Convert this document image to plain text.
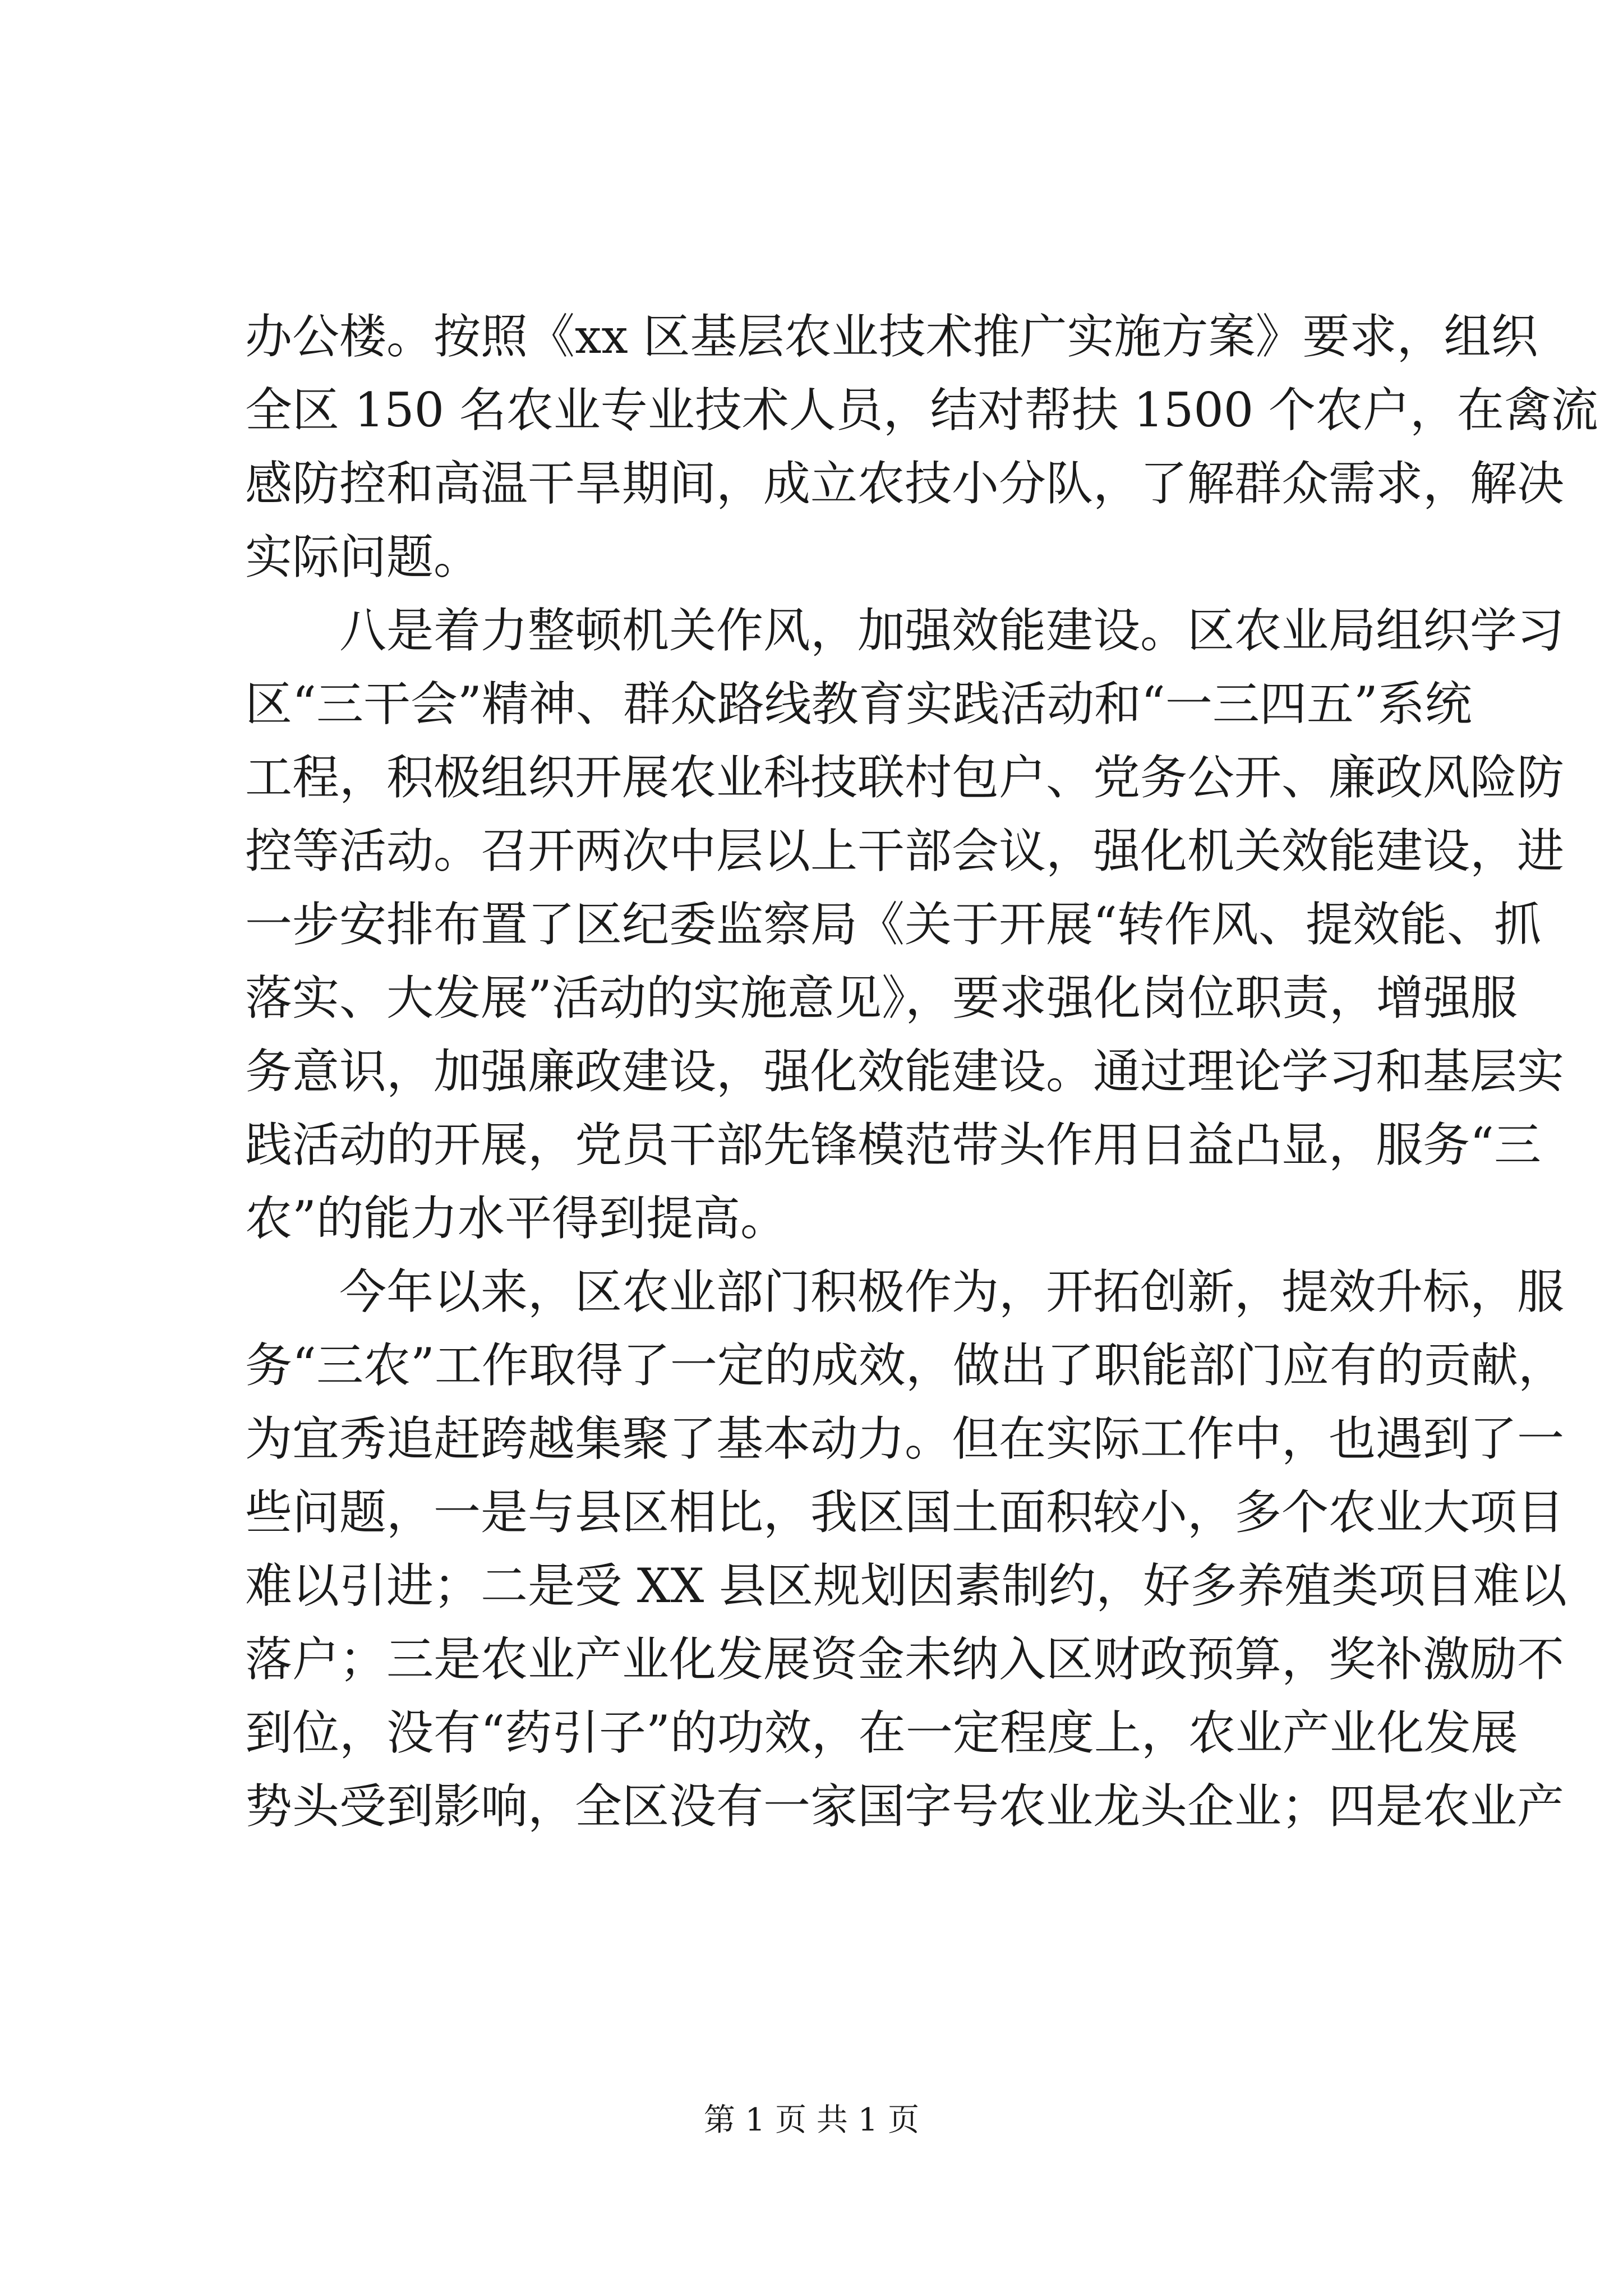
办公楼。按照《xx 区基层农业技术推广实施方案》要求，组织
全区 150 名农业专业技术人员，结对帮扶 1500 个农户，在禽流
感防控和高温干旱期间，成立农技小分队，了解群众需求，解决
实际问题。
八是着力整顿机关作风，加强效能建设。区农业局组织学习
区“三干会”精神、群众路线教育实践活动和“一三四五”系统
工程，积极组织开展农业科技联村包户、党务公开、廉政风险防
控等活动。召开两次中层以上干部会议，强化机关效能建设，进
一步安排布置了区纪委监察局《关于开展“转作风、提效能、抓
落实、大发展”活动的实施意见》，要求强化岗位职责，增强服
务意识，加强廉政建设，强化效能建设。通过理论学习和基层实
践活动的开展，党员干部先锋模范带头作用日益凸显，服务“三
农”的能力水平得到提高。
今年以来，区农业部门积极作为，开拓创新，提效升标，服
务“三农”工作取得了一定的成效，做出了职能部门应有的贡献，
为宜秀追赶跨越集聚了基本动力。但在实际工作中，也遇到了一
些问题，一是与县区相比，我区国土面积较小，多个农业大项目
难以引进；二是受 XX 县区规划因素制约，好多养殖类项目难以
落户；三是农业产业化发展资金未纳入区财政预算，奖补激励不
到位，没有“药引子”的功效，在一定程度上，农业产业化发展
势头受到影响，全区没有一家国字号农业龙头企业；四是农业产
第 1 页 共 1 页
